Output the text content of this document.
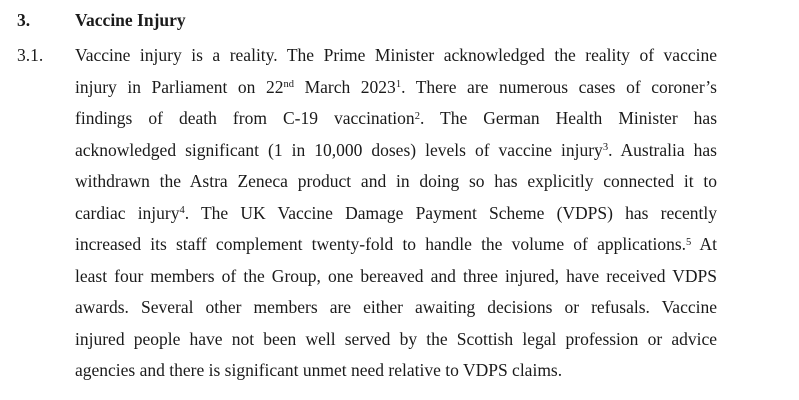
3.	Vaccine Injury
3.1. Vaccine injury is a reality. The Prime Minister acknowledged the reality of vaccine
injury in Parliament on 22nd March 2023$^1$. There are numerous cases of coroner’s
findings of death from C-19 vaccination$^2$. The German Health Minister has
acknowledged significant (1 in 10,000 doses) levels of vaccine injury$^3$. Australia has
withdrawn the Astra Zeneca product and in doing so has explicitly connected it to
cardiac injury$^4$. The UK Vaccine Damage Payment Scheme (VDPS) has recently
increased its staff complement twenty-fold to handle the volume of applications.$^5$ At
least four members of the Group, one bereaved and three injured, have received VDPS
awards. Several other members are either awaiting decisions or refusals. Vaccine
injured people have not been well served by the Scottish legal profession or advice
agencies and there is significant unmet need relative to VDPS claims.
